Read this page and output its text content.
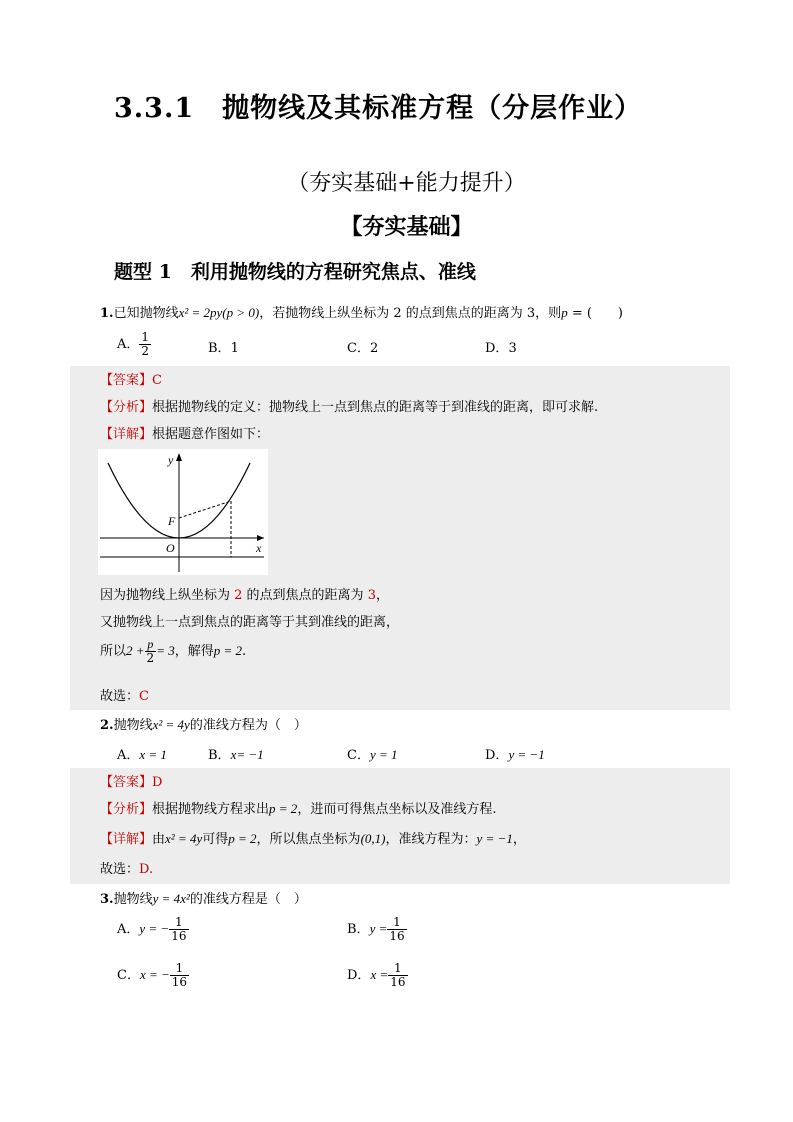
3.3.1　抛物线及其标准方程（分层作业）
（夯实基础+能力提升）
【夯实基础】
题型 1　利用抛物线的方程研究焦点、准线
1.已知抛物线x² = 2py(p > 0)，若抛物线上纵坐标为 2 的点到焦点的距离为 3，则p = (　　)
A． $\frac{1}{2}$	B．1	C．2	D．3
【答案】C
【分析】根据抛物线的定义：抛物线上一点到焦点的距离等于到准线的距离，即可求解.
【详解】根据题意作图如下：
y
x
F
O
因为抛物线上纵坐标为 2 的点到焦点的距离为 3，
又抛物线上一点到焦点的距离等于其到准线的距离，
所以$2 + \frac{p}{2} = 3$，解得p = 2.
故选：C
2.抛物线x² = 4y的准线方程为（　）
A．x = 1	B．x= −1	C．y = 1	D．y = −1
【答案】D
【分析】根据抛物线方程求出p = 2，进而可得焦点坐标以及准线方程.
【详解】由x² = 4y可得p = 2，所以焦点坐标为(0,1)，准线方程为：y = −1，
故选：D.
3.抛物线y = 4x²的准线方程是（　）
A．y = − $\frac{1}{16}$	B．$y = \frac{1}{16}$
C．x = − $\frac{1}{16}$	D．$x = \frac{1}{16}$
